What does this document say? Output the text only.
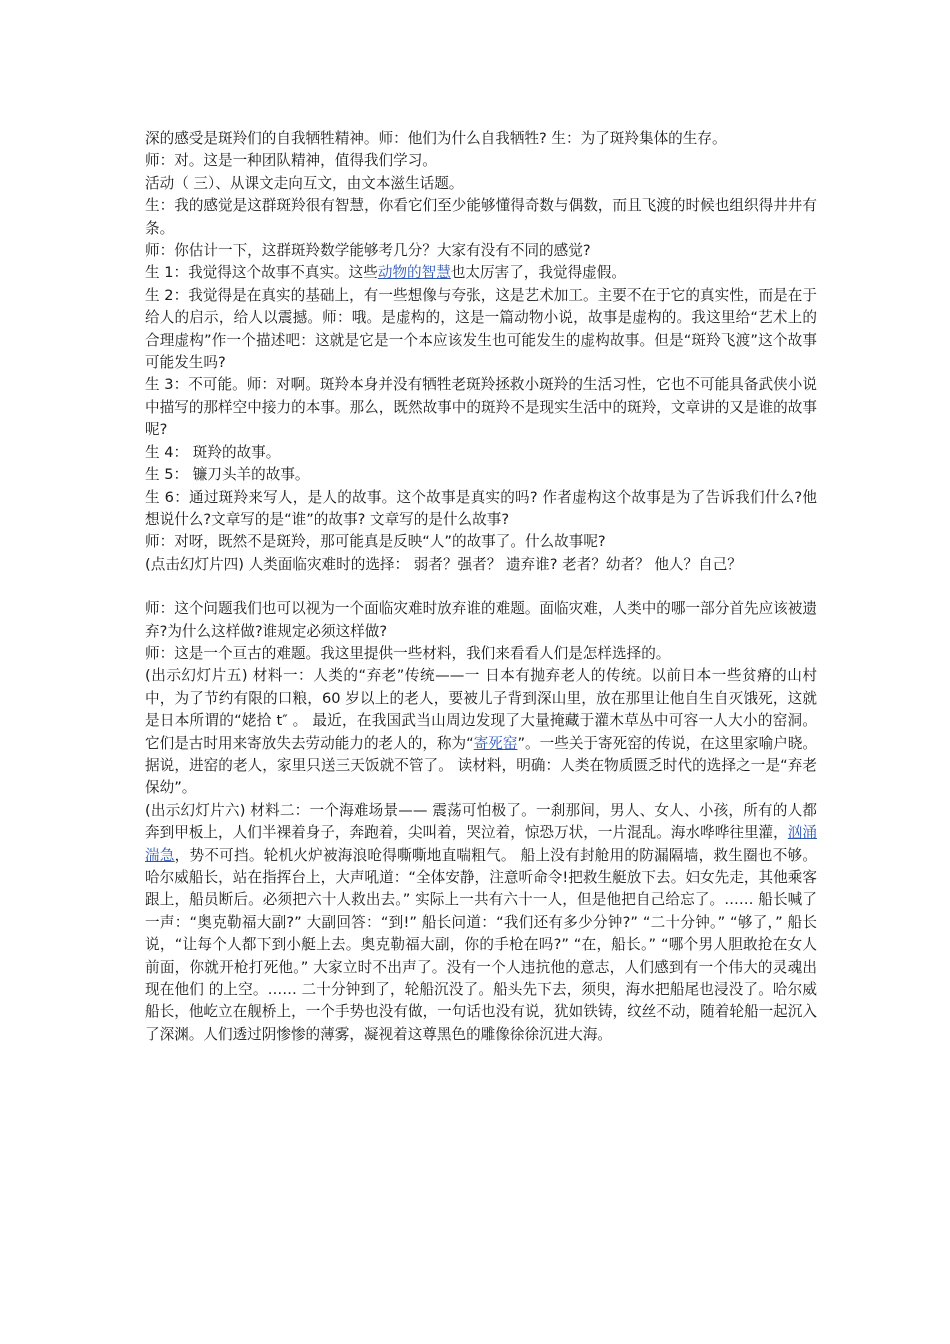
深的感受是斑羚们的自我牺牲精神。师：他们为什么自我牺牲? 生：为了斑羚集体的生存。

师：对。这是一种团队精神，值得我们学习。

活动（ 三）、从课文走向互文，由文本滋生话题。

生：我的感觉是这群斑羚很有智慧，你看它们至少能够懂得奇数与偶数，而且飞渡的时候也组织得井井有条。

师：你估计一下，这群斑羚数学能够考几分？大家有没有不同的感觉?

生 1：我觉得这个故事不真实。这些动物的智慧也太厉害了，我觉得虚假。

生 2：我觉得是在真实的基础上，有一些想像与夸张，这是艺术加工。主要不在于它的真实性，而是在于给人的启示，给人以震撼。师：哦。是虚构的，这是一篇动物小说，故事是虚构的。我这里给“艺术上的合理虚构”作一个描述吧：这就是它是一个本应该发生也可能发生的虚构故事。但是“斑羚飞渡”这个故事可能发生吗?

生 3：不可能。师：对啊。斑羚本身并没有牺牲老斑羚拯救小斑羚的生活习性，它也不可能具备武侠小说中描写的那样空中接力的本事。那么，既然故事中的斑羚不是现实生活中的斑羚，文章讲的又是谁的故事呢?

生 4： 斑羚的故事。

生 5： 镰刀头羊的故事。

生 6：通过斑羚来写人，是人的故事。这个故事是真实的吗? 作者虚构这个故事是为了告诉我们什么?他想说什么?文章写的是“谁”的故事? 文章写的是什么故事?

师：对呀，既然不是斑羚，那可能真是反映“人”的故事了。什么故事呢?

(点击幻灯片四) 人类面临灾难时的选择： 弱者？强者？ 遗弃谁? 老者？幼者？ 他人？自己？

师：这个问题我们也可以视为一个面临灾难时放弃谁的难题。面临灾难，人类中的哪一部分首先应该被遗弃?为什么这样做?谁规定必须这样做?

师：这是一个亘古的难题。我这里提供一些材料，我们来看看人们是怎样选择的。

(出示幻灯片五) 材料一：人类的“弃老”传统——一 日本有抛弃老人的传统。以前日本一些贫瘠的山村中，为了节约有限的口粮，60 岁以上的老人，要被儿子背到深山里，放在那里让他自生自灭饿死，这就是日本所谓的“姥拾 t″ 。 最近，在我国武当山周边发现了大量掩藏于灌木草丛中可容一人大小的窑洞。它们是古时用来寄放失去劳动能力的老人的，称为“寄死窑”。一些关于寄死窑的传说，在这里家喻户晓。据说，进窑的老人，家里只送三天饭就不管了。 读材料，明确：人类在物质匮乏时代的选择之一是“弃老保幼”。

(出示幻灯片六) 材料二：一个海难场景—— 震荡可怕极了。一刹那间，男人、女人、小孩，所有的人都奔到甲板上，人们半裸着身子，奔跑着，尖叫着，哭泣着，惊恐万状，一片混乱。海水哗哗往里灌，汹涌湍急，势不可挡。轮机火炉被海浪呛得嘶嘶地直喘粗气。 船上没有封舱用的防漏隔墙，救生圈也不够。哈尔威船长，站在指挥台上，大声吼道：“全体安静，注意听命令!把救生艇放下去。妇女先走，其他乘客跟上，船员断后。必须把六十人救出去。” 实际上一共有六十一人，但是他把自己给忘了。…… 船长喊了一声：“奥克勒福大副?” 大副回答：“到!” 船长问道：“我们还有多少分钟?” “二十分钟。” “够了，” 船长说，“让每个人都下到小艇上去。奥克勒福大副，你的手枪在吗?” “在，船长。” “哪个男人胆敢抢在女人前面，你就开枪打死他。” 大家立时不出声了。没有一个人违抗他的意志，人们感到有一个伟大的灵魂出现在他们 的上空。…… 二十分钟到了，轮船沉没了。船头先下去，须臾，海水把船尾也浸没了。哈尔威船长，他屹立在舰桥上，一个手势也没有做，一句话也没有说，犹如铁铸，纹丝不动，随着轮船一起沉入了深渊。人们透过阴惨惨的薄雾，凝视着这尊黑色的雕像徐徐沉进大海。
